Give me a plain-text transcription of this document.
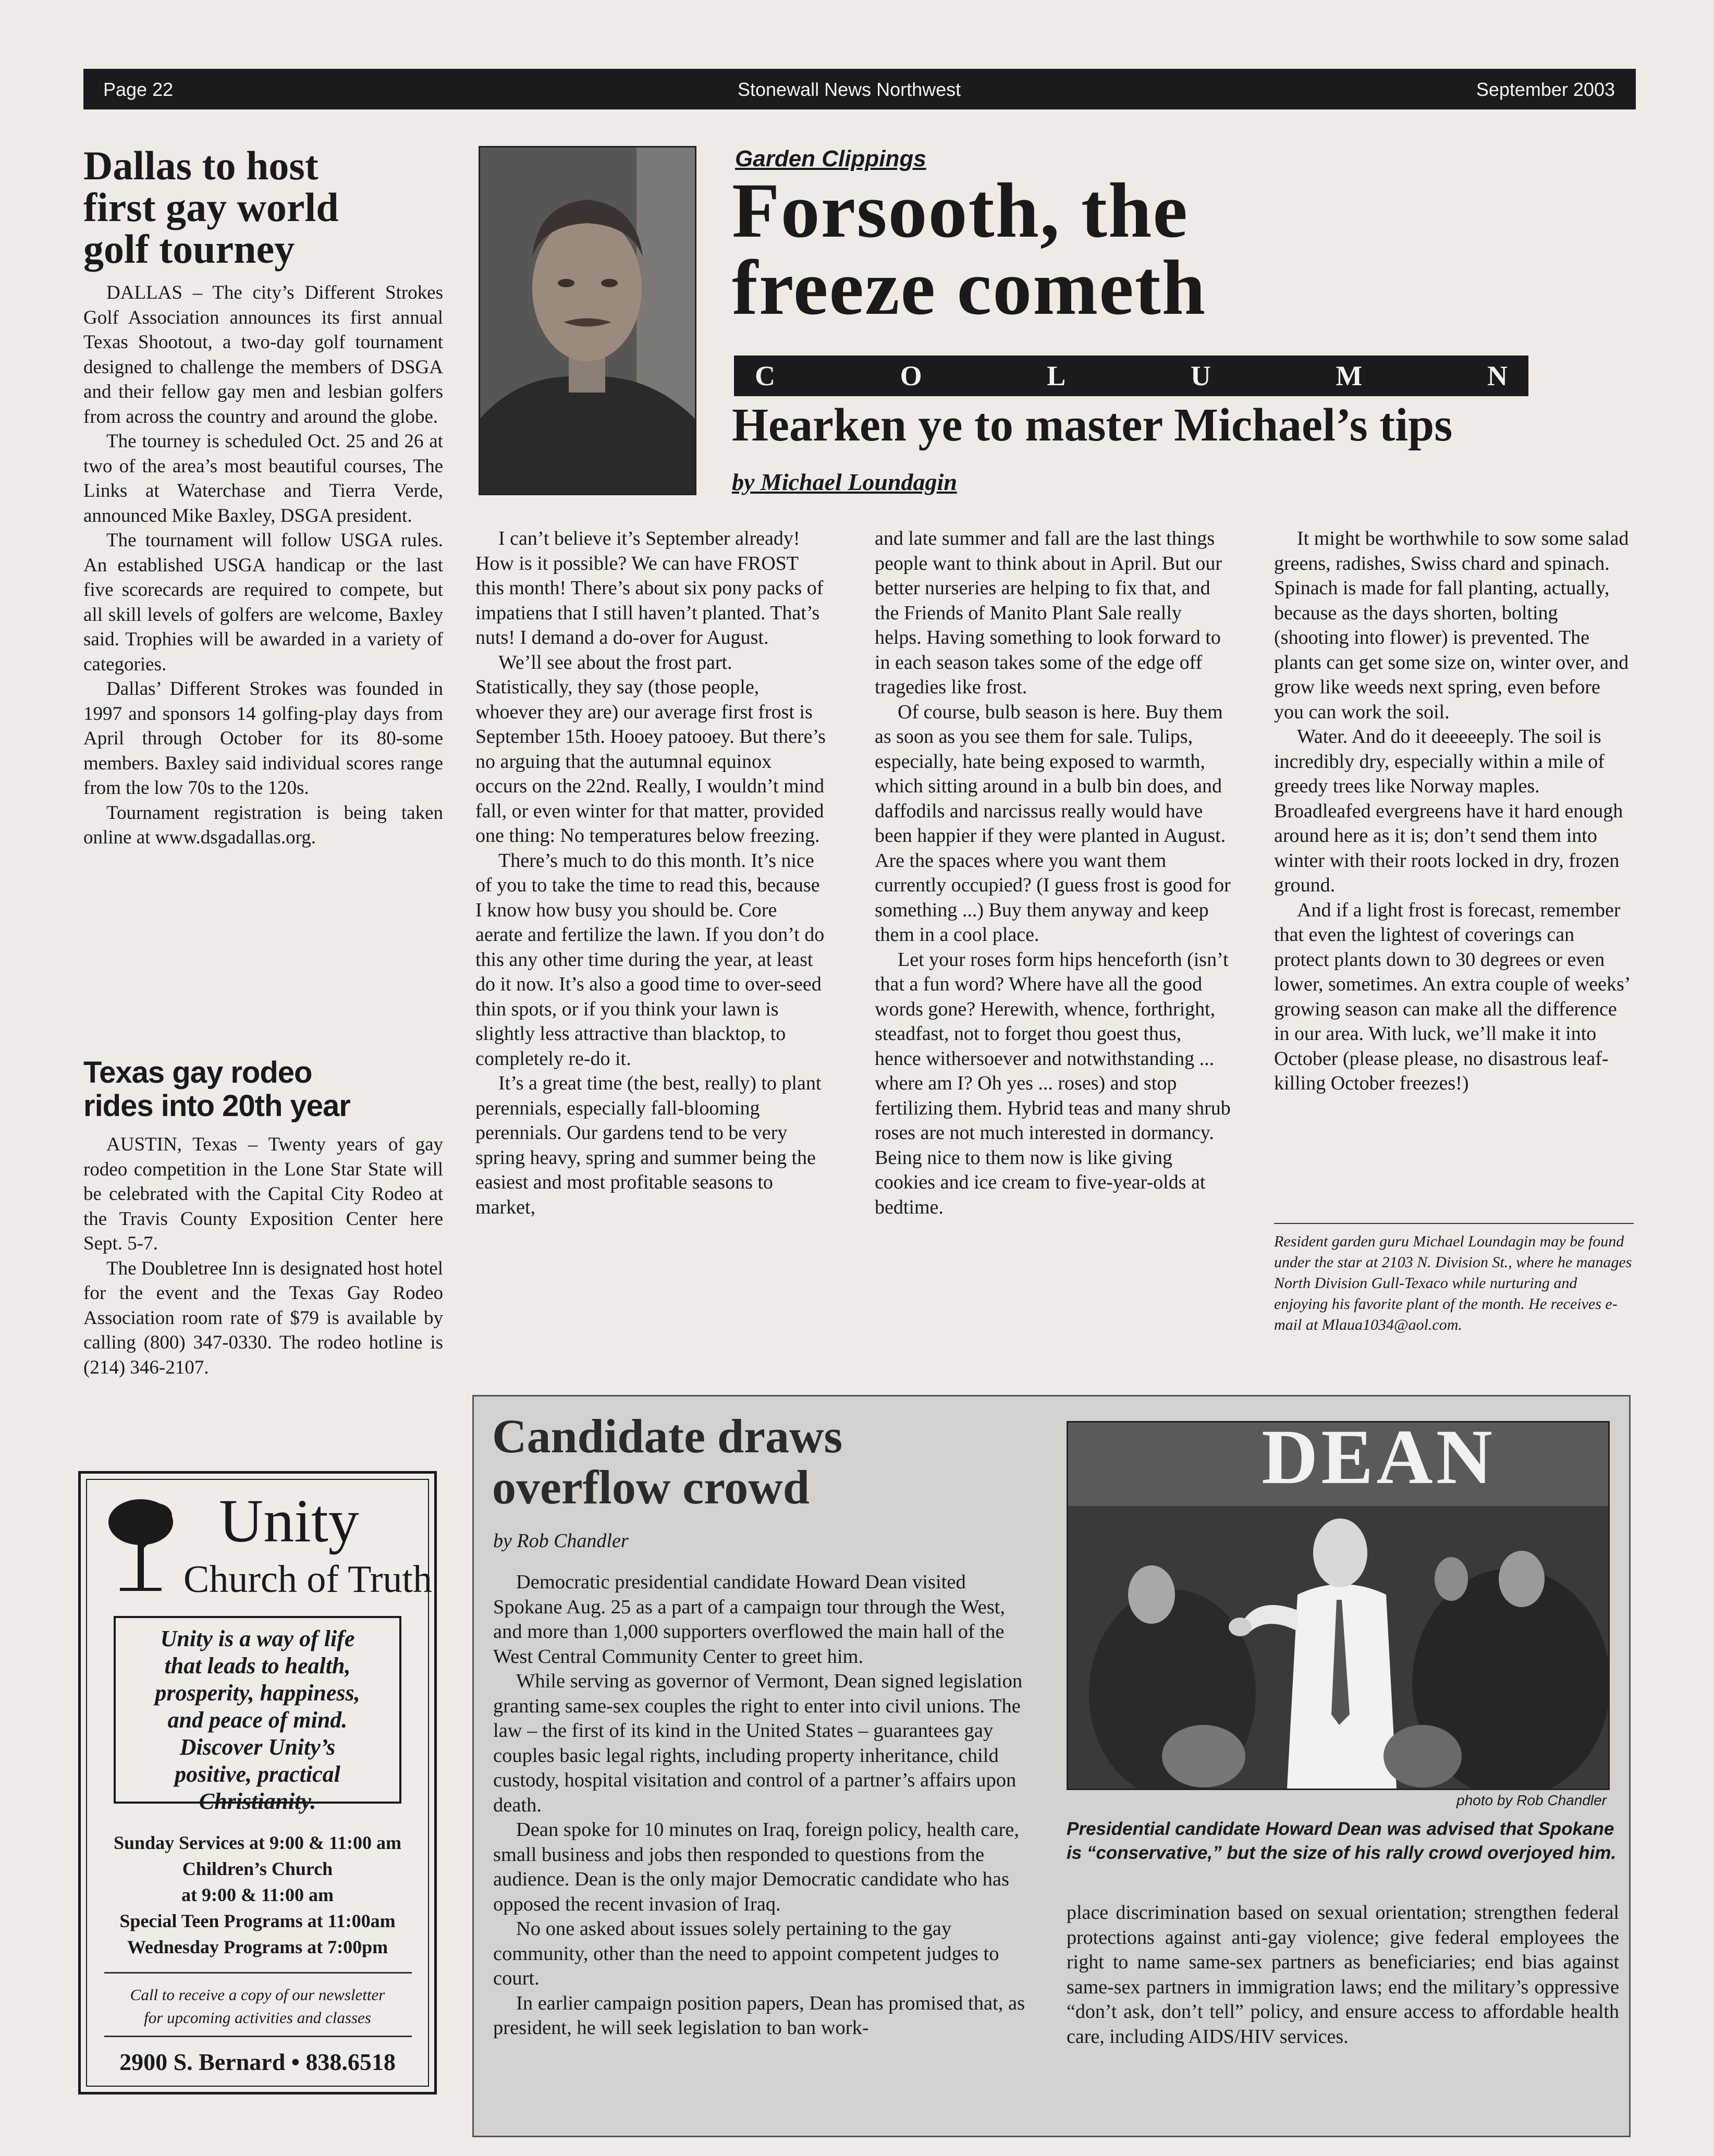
Page 22	Stonewall News Northwest	September 2003
Dallas to host
first gay world
golf tourney

DALLAS – The city’s Different Strokes Golf Association announces its first annual Texas Shootout, a two-day golf tournament designed to challenge the members of DSGA and their fellow gay men and lesbian golfers from across the country and around the globe.

The tourney is scheduled Oct. 25 and 26 at two of the area’s most beautiful courses, The Links at Waterchase and Tierra Verde, announced Mike Baxley, DSGA president.

The tournament will follow USGA rules. An established USGA handicap or the last five scorecards are required to compete, but all skill levels of golfers are welcome, Baxley said. Trophies will be awarded in a variety of categories.

Dallas’ Different Strokes was founded in 1997 and sponsors 14 golfing-play days from April through October for its 80-some members. Baxley said individual scores range from the low 70s to the 120s.

Tournament registration is being taken online at www.dsgadallas.org.

Texas gay rodeo
rides into 20th year

AUSTIN, Texas – Twenty years of gay rodeo competition in the Lone Star State will be celebrated with the Capital City Rodeo at the Travis County Exposition Center here Sept. 5-7.

The Doubletree Inn is designated host hotel for the event and the Texas Gay Rodeo Association room rate of $79 is available by calling (800) 347-0330. The rodeo hotline is (214) 346-2107.

Unity
Church of Truth
Unity is a way of life
that leads to health,
prosperity, happiness,
and peace of mind.
Discover Unity’s
positive, practical
Christianity.
Sunday Services at 9:00 & 11:00 am
Children’s Church
at 9:00 & 11:00 am
Special Teen Programs at 11:00am
Wednesday Programs at 7:00pm
Call to receive a copy of our newsletter
for upcoming activities and classes
2900 S. Bernard • 838.6518
Garden Clippings
Forsooth, the
freeze cometh
C	O	L	U	M	N
Hearken ye to master Michael’s tips
by Michael Loundagin

I can’t believe it’s September already! How is it possible? We can have FROST this month! There’s about six pony packs of impatiens that I still haven’t planted. That’s nuts! I demand a do-over for August.

We’ll see about the frost part. Statistically, they say (those people, whoever they are) our average first frost is September 15th. Hooey patooey. But there’s no arguing that the autumnal equinox occurs on the 22nd. Really, I wouldn’t mind fall, or even winter for that matter, provided one thing: No temperatures below freezing.

There’s much to do this month. It’s nice of you to take the time to read this, because I know how busy you should be. Core aerate and fertilize the lawn. If you don’t do this any other time during the year, at least do it now. It’s also a good time to over-seed thin spots, or if you think your lawn is slightly less attractive than blacktop, to completely re-do it.

It’s a great time (the best, really) to plant perennials, especially fall-blooming perennials. Our gardens tend to be very spring heavy, spring and summer being the easiest and most profitable seasons to market,

and late summer and fall are the last things people want to think about in April. But our better nurseries are helping to fix that, and the Friends of Manito Plant Sale really helps. Having something to look forward to in each season takes some of the edge off tragedies like frost.

Of course, bulb season is here. Buy them as soon as you see them for sale. Tulips, especially, hate being exposed to warmth, which sitting around in a bulb bin does, and daffodils and narcissus really would have been happier if they were planted in August. Are the spaces where you want them currently occupied? (I guess frost is good for something ...) Buy them anyway and keep them in a cool place.

Let your roses form hips henceforth (isn’t that a fun word? Where have all the good words gone? Herewith, whence, forthright, steadfast, not to forget thou goest thus, hence withersoever and notwithstanding ... where am I? Oh yes ... roses) and stop fertilizing them. Hybrid teas and many shrub roses are not much interested in dormancy. Being nice to them now is like giving cookies and ice cream to five-year-olds at bedtime.

It might be worthwhile to sow some salad greens, radishes, Swiss chard and spinach. Spinach is made for fall planting, actually, because as the days shorten, bolting (shooting into flower) is prevented. The plants can get some size on, winter over, and grow like weeds next spring, even before you can work the soil.

Water. And do it deeeeeply. The soil is incredibly dry, especially within a mile of greedy trees like Norway maples. Broadleafed evergreens have it hard enough around here as it is; don’t send them into winter with their roots locked in dry, frozen ground.

And if a light frost is forecast, remember that even the lightest of coverings can protect plants down to 30 degrees or even lower, sometimes. An extra couple of weeks’ growing season can make all the difference in our area. With luck, we’ll make it into October (please please, no disastrous leaf-killing October freezes!)

Resident garden guru Michael Loundagin may be found under the star at 2103 N. Division St., where he manages North Division Gull-Texaco while nurturing and enjoying his favorite plant of the month. He receives e-mail at Mlaua1034@aol.com.
Candidate draws
overflow crowd
by Rob Chandler

Democratic presidential candidate Howard Dean visited Spokane Aug. 25 as a part of a campaign tour through the West, and more than 1,000 supporters overflowed the main hall of the West Central Community Center to greet him.

While serving as governor of Vermont, Dean signed legislation granting same-sex couples the right to enter into civil unions. The law – the first of its kind in the United States – guarantees gay couples basic legal rights, including property inheritance, child custody, hospital visitation and control of a partner’s affairs upon death.

Dean spoke for 10 minutes on Iraq, foreign policy, health care, small business and jobs then responded to questions from the audience. Dean is the only major Democratic candidate who has opposed the recent invasion of Iraq.

No one asked about issues solely pertaining to the gay community, other than the need to appoint competent judges to court.

In earlier campaign position papers, Dean has promised that, as president, he will seek legislation to ban work-

DEAN
photo by Rob Chandler
Presidential candidate Howard Dean was advised that Spokane is “conservative,” but the size of his rally crowd overjoyed him.
place discrimination based on sexual orientation; strengthen federal protections against anti-gay violence; give federal employees the right to name same-sex partners as beneficiaries; end bias against same-sex partners in immigration laws; end the military’s oppressive “don’t ask, don’t tell” policy, and ensure access to affordable health care, including AIDS/HIV services.
